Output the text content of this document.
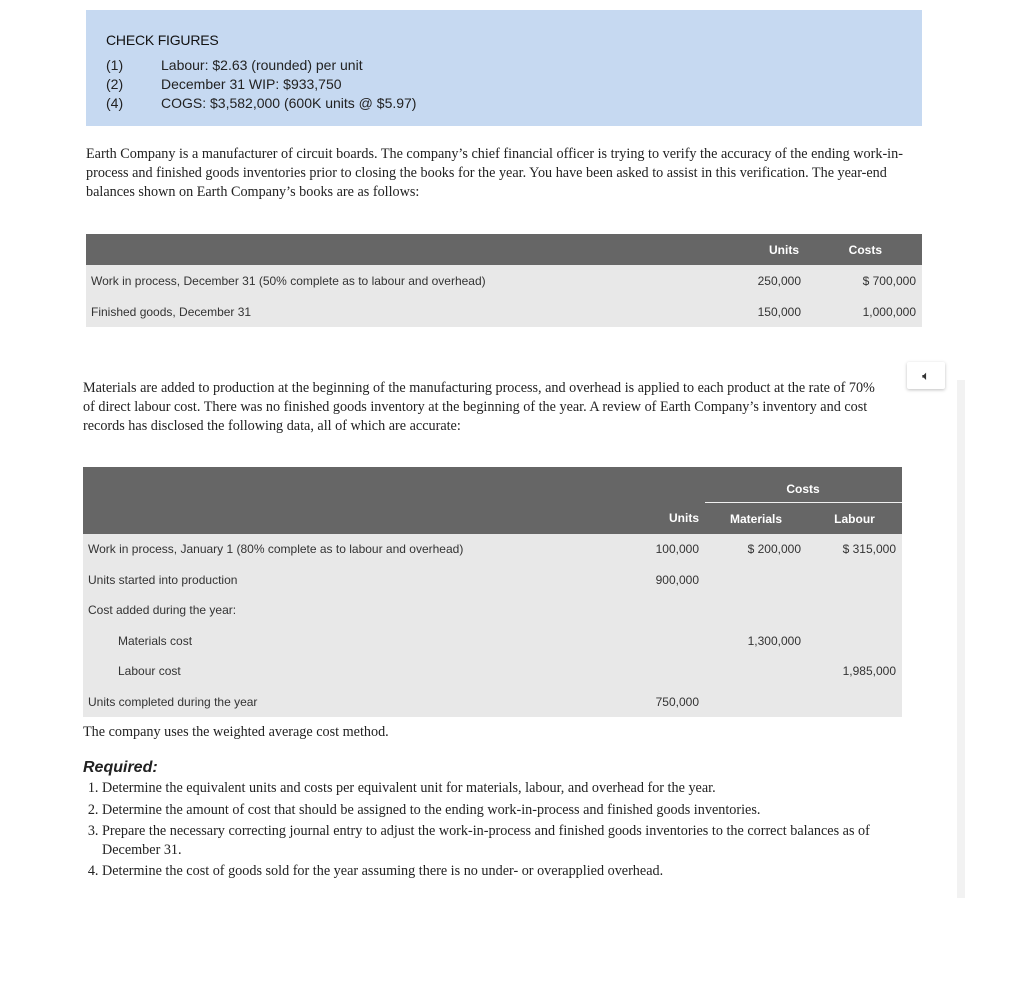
CHECK FIGURES
(1)	Labour: $2.63 (rounded) per unit
(2)	December 31 WIP: $933,750
(4)	COGS: $3,582,000 (600K units @ $5.97)

Earth Company is a manufacturer of circuit boards. The company’s chief financial officer is trying to verify the accuracy of the ending work-in-process and finished goods inventories prior to closing the books for the year. You have been asked to assist in this verification. The year-end balances shown on Earth Company’s books are as follows:

	Units	Costs
Work in process, December 31 (50% complete as to labour and overhead)	250,000	$ 700,000
Finished goods, December 31	150,000	1,000,000
🔈︎

Materials are added to production at the beginning of the manufacturing process, and overhead is applied to each product at the rate of 70% of direct labour cost. There was no finished goods inventory at the beginning of the year. A review of Earth Company’s inventory and cost records has disclosed the following data, all of which are accurate:

		Costs	
	Units	Materials	Labour
Work in process, January 1 (80% complete as to labour and overhead)	100,000	$ 200,000	$ 315,000
Units started into production	900,000		
Cost added during the year:			
Materials cost		1,300,000	
Labour cost			1,985,000
Units completed during the year	750,000		

The company uses the weighted average cost method.

Required:
1. Determine the equivalent units and costs per equivalent unit for materials, labour, and overhead for the year.
2. Determine the amount of cost that should be assigned to the ending work-in-process and finished goods inventories.
3. Prepare the necessary correcting journal entry to adjust the work-in-process and finished goods inventories to the correct balances as of December 31.
4. Determine the cost of goods sold for the year assuming there is no under- or overapplied overhead.
